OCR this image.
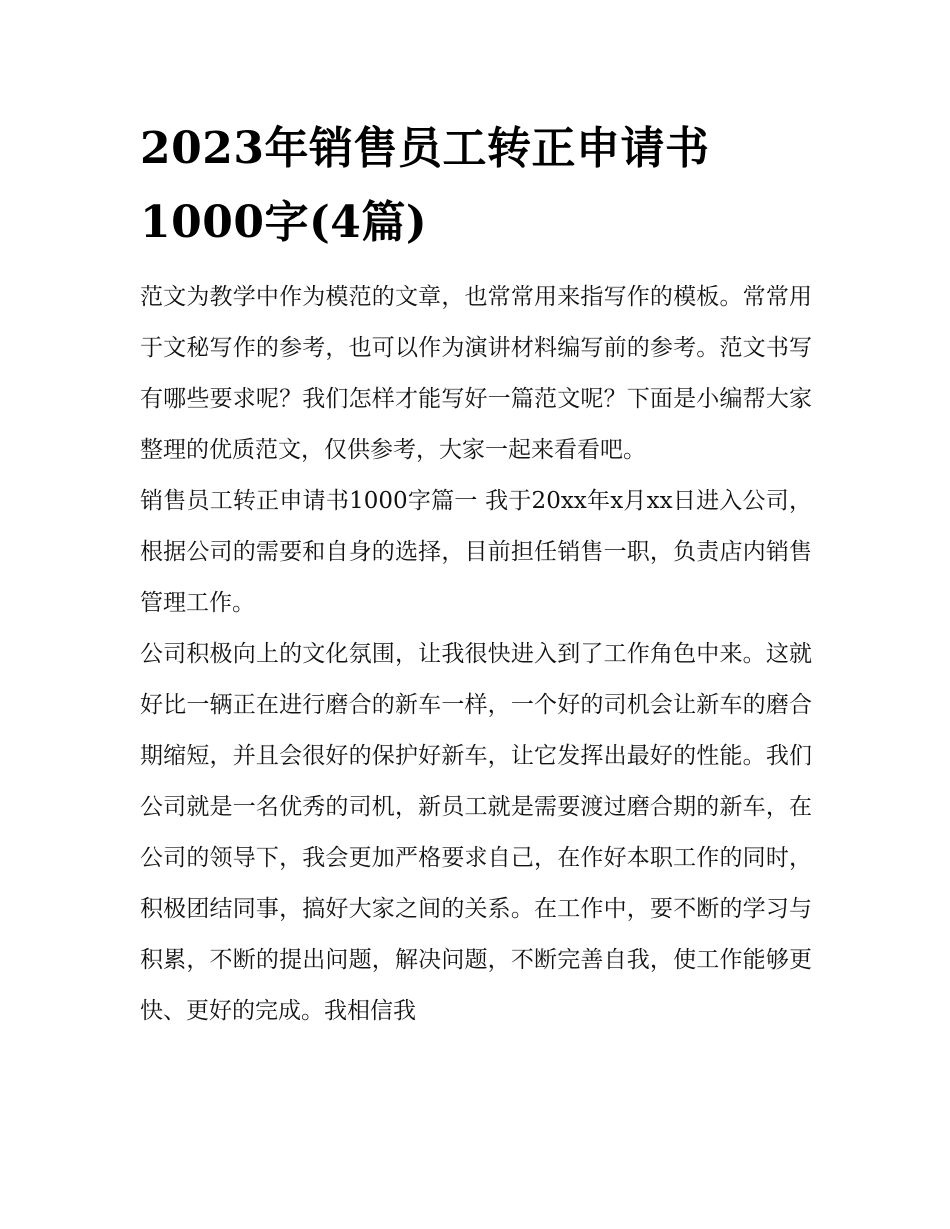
2023年销售员工转正申请书1000字(4篇)

范文为教学中作为模范的文章，也常常用来指写作的模板。常常用于文秘写作的参考，也可以作为演讲材料编写前的参考。范文书写有哪些要求呢？我们怎样才能写好一篇范文呢？下面是小编帮大家整理的优质范文，仅供参考，大家一起来看看吧。

销售员工转正申请书1000字篇一 我于20xx年x月xx日进入公司，根据公司的需要和自身的选择，目前担任销售一职，负责店内销售管理工作。

公司积极向上的文化氛围，让我很快进入到了工作角色中来。这就好比一辆正在进行磨合的新车一样，一个好的司机会让新车的磨合期缩短，并且会很好的保护好新车，让它发挥出最好的性能。我们公司就是一名优秀的司机，新员工就是需要渡过磨合期的新车，在公司的领导下，我会更加严格要求自己，在作好本职工作的同时，积极团结同事，搞好大家之间的关系。在工作中，要不断的学习与积累，不断的提出问题，解决问题，不断完善自我，使工作能够更快、更好的完成。我相信我
